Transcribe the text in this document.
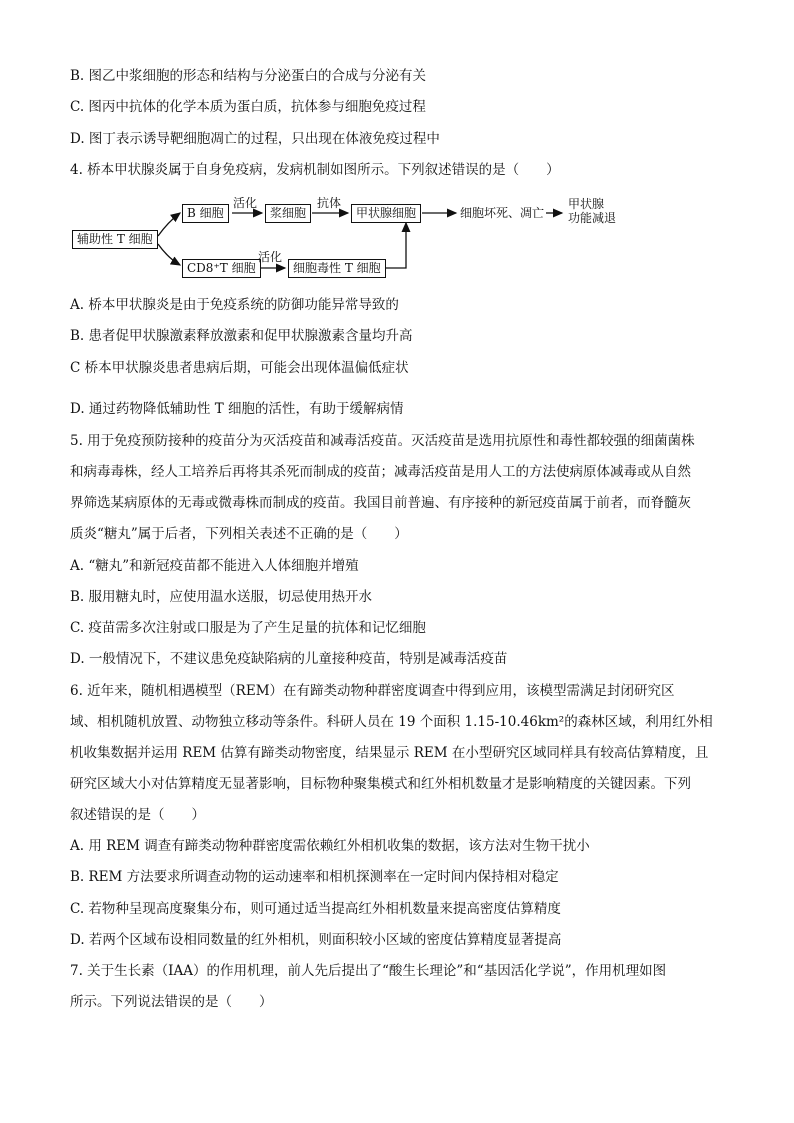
B. 图乙中浆细胞的形态和结构与分泌蛋白的合成与分泌有关
C. 图丙中抗体的化学本质为蛋白质，抗体参与细胞免疫过程
D. 图丁表示诱导靶细胞凋亡的过程，只出现在体液免疫过程中
4. 桥本甲状腺炎属于自身免疫病，发病机制如图所示。下列叙述错误的是（　　）
辅助性 T 细胞
B 细胞
活化
浆细胞
抗体
甲状腺细胞	细胞坏死、凋亡
甲状腺
功能减退
CD8⁺T 细胞
活化
细胞毒性 T 细胞
A. 桥本甲状腺炎是由于免疫系统的防御功能异常导致的
B. 患者促甲状腺激素释放激素和促甲状腺激素含量均升高
C 桥本甲状腺炎患者患病后期，可能会出现体温偏低症状
D. 通过药物降低辅助性 T 细胞的活性，有助于缓解病情
5. 用于免疫预防接种的疫苗分为灭活疫苗和减毒活疫苗。灭活疫苗是选用抗原性和毒性都较强的细菌菌株
和病毒毒株，经人工培养后再将其杀死而制成的疫苗；减毒活疫苗是用人工的方法使病原体减毒或从自然
界筛选某病原体的无毒或微毒株而制成的疫苗。我国目前普遍、有序接种的新冠疫苗属于前者，而脊髓灰
质炎“糖丸”属于后者，下列相关表述不正确的是（　　）
A. “糖丸”和新冠疫苗都不能进入人体细胞并增殖
B. 服用糖丸时，应使用温水送服，切忌使用热开水
C. 疫苗需多次注射或口服是为了产生足量的抗体和记忆细胞
D. 一般情况下，不建议患免疫缺陷病的儿童接种疫苗，特别是减毒活疫苗
6. 近年来，随机相遇模型（REM）在有蹄类动物种群密度调查中得到应用，该模型需满足封闭研究区
域、相机随机放置、动物独立移动等条件。科研人员在 19 个面积 1.15-10.46km²的森林区域，利用红外相
机收集数据并运用 REM 估算有蹄类动物密度，结果显示 REM 在小型研究区域同样具有较高估算精度，且
研究区域大小对估算精度无显著影响，目标物种聚集模式和红外相机数量才是影响精度的关键因素。下列
叙述错误的是（　　）
A. 用 REM 调查有蹄类动物种群密度需依赖红外相机收集的数据，该方法对生物干扰小
B. REM 方法要求所调查动物的运动速率和相机探测率在一定时间内保持相对稳定
C. 若物种呈现高度聚集分布，则可通过适当提高红外相机数量来提高密度估算精度
D. 若两个区域布设相同数量的红外相机，则面积较小区域的密度估算精度显著提高
7. 关于生长素（IAA）的作用机理，前人先后提出了“酸生长理论”和“基因活化学说”，作用机理如图
所示。下列说法错误的是（　　）
